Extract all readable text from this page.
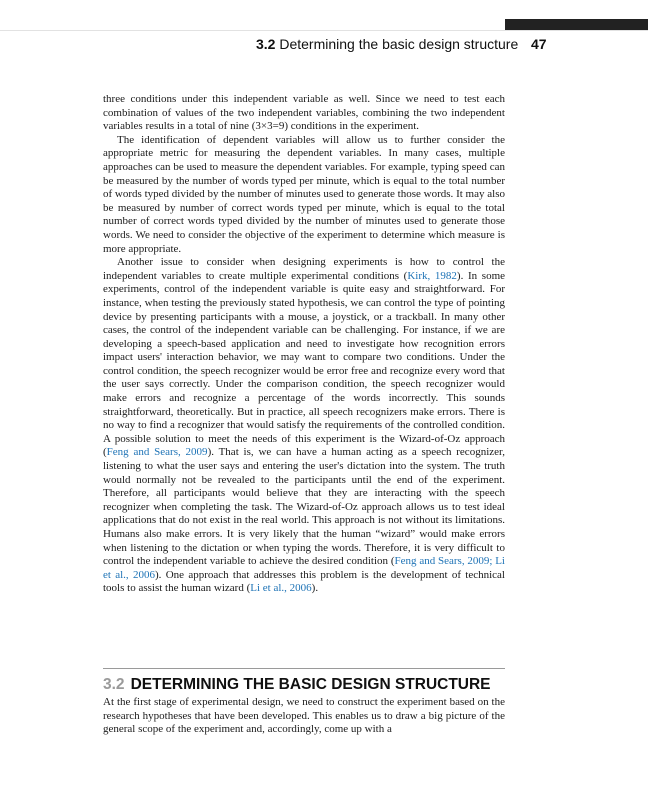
3.2 Determining the basic design structure 47

three conditions under this independent variable as well. Since we need to test each combination of values of the two independent variables, combining the two independent variables results in a total of nine (3×3=9) conditions in the experiment.

The identification of dependent variables will allow us to further consider the appropriate metric for measuring the dependent variables. In many cases, multiple approaches can be used to measure the dependent variables. For example, typing speed can be measured by the number of words typed per minute, which is equal to the total number of words typed divided by the number of minutes used to generate those words. It may also be measured by number of correct words typed per minute, which is equal to the total number of correct words typed divided by the number of minutes used to generate those words. We need to consider the objective of the experiment to determine which measure is more appropriate.

Another issue to consider when designing experiments is how to control the independent variables to create multiple experimental conditions (Kirk, 1982). In some experiments, control of the independent variable is quite easy and straightforward. For instance, when testing the previously stated hypothesis, we can control the type of pointing device by presenting participants with a mouse, a joystick, or a trackball. In many other cases, the control of the independent variable can be challenging. For instance, if we are developing a speech-based application and need to investigate how recognition errors impact users' interaction behavior, we may want to compare two conditions. Under the control condition, the speech recognizer would be error free and recognize every word that the user says correctly. Under the comparison condition, the speech recognizer would make errors and recognize a percentage of the words incorrectly. This sounds straightforward, theoretically. But in practice, all speech recognizers make errors. There is no way to find a recognizer that would satisfy the requirements of the controlled condition. A possible solution to meet the needs of this experiment is the Wizard-of-Oz approach (Feng and Sears, 2009). That is, we can have a human acting as a speech recognizer, listening to what the user says and entering the user's dictation into the system. The truth would normally not be revealed to the participants until the end of the experiment. Therefore, all participants would believe that they are interacting with the speech recognizer when completing the task. The Wizard-of-Oz approach allows us to test ideal applications that do not exist in the real world. This approach is not without its limitations. Humans also make errors. It is very likely that the human “wizard” would make errors when listening to the dictation or when typing the words. Therefore, it is very difficult to control the independent variable to achieve the desired condition (Feng and Sears, 2009; Li et al., 2006). One approach that addresses this problem is the development of technical tools to assist the human wizard (Li et al., 2006).

3.2 DETERMINING THE BASIC DESIGN STRUCTURE
At the first stage of experimental design, we need to construct the experiment based on the research hypotheses that have been developed. This enables us to draw a big picture of the general scope of the experiment and, accordingly, come up with a
